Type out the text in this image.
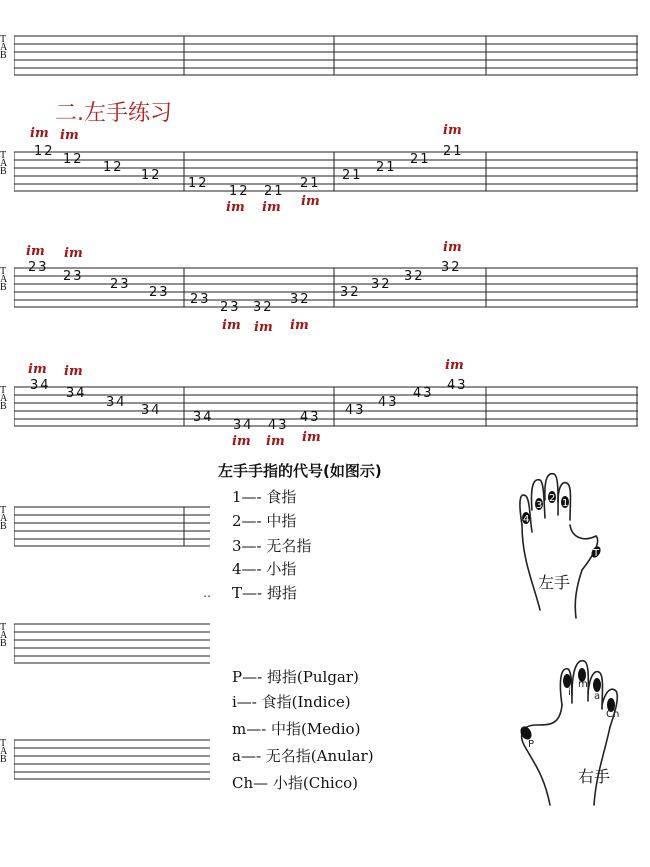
T
A
B
二.左手练习
T
A
B
im im	im
im im im
12
12
12
12
12
12 21
21
21
21
21
21
T
A
B
im im	im
im im im
23
23
23
23 23
23 32
32 32
32
32
32
T
A
B
im im	im
im im im
34
34
34
34 34
34 43
43 43
43
43
43
T
A
B
T
A
B
T
A
B
左手手指的代号(如图示)
1—- 食指
2—- 中指
3—- 无名指
4—- 小指
T—- 拇指
‥
4
3
2 1
T
左手
P—- 拇指(Pulgar)
i—- 食指(Indice)
m—- 中指(Medio)
a—- 无名指(Anular)
Ch— 小指(Chico)
P
i
m
a
Ch
右手
